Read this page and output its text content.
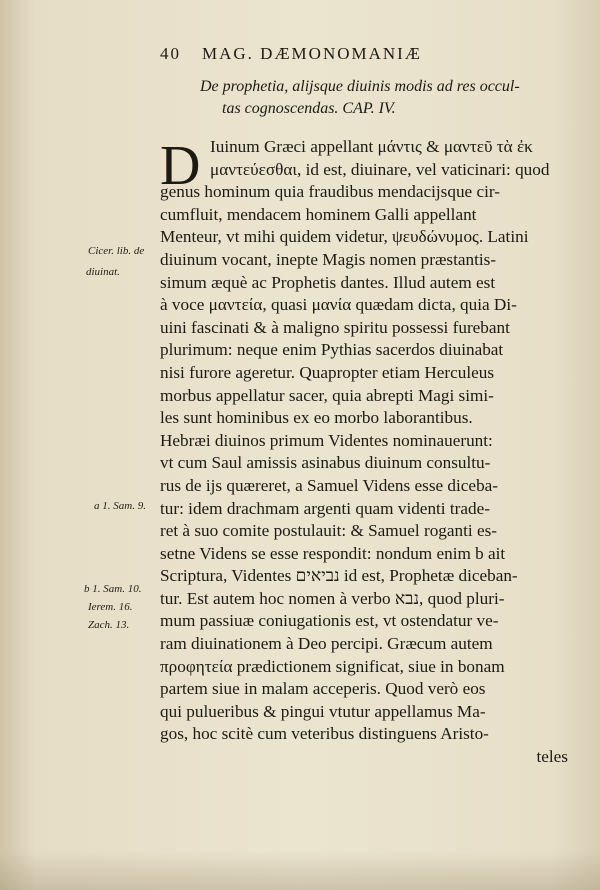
40 MAG. DÆMONOMANIÆ
De prophetia, alijsque diuinis modis ad res occul-
tas cognoscendas. CAP. IV.
D Iuinum Græci appellant μάντις & μαντεῦ τὰ ἐκ
μαντεύεσθαι, id est, diuinare, vel vaticinari: quod
genus hominum quia fraudibus mendacijsque cir-
cumfluit, mendacem hominem Galli appellant
Menteur, vt mihi quidem videtur, ψευδώνυμος. Latini
diuinum vocant, inepte Magis nomen præstantis-
simum æquè ac Prophetis dantes. Illud autem est
à voce μαντεία, quasi μανία quædam dicta, quia Di-
uini fascinati & à maligno spiritu possessi furebant
plurimum: neque enim Pythias sacerdos diuinabat
nisi furore ageretur. Quapropter etiam Herculeus
morbus appellatur sacer, quia abrepti Magi simi-
les sunt hominibus ex eo morbo laborantibus.
Hebræi diuinos primum Videntes nominauerunt:
vt cum Saul amissis asinabus diuinum consultu-
rus de ijs quæreret, a Samuel Videns esse diceba-
tur: idem drachmam argenti quam videnti trade-
ret à suo comite postulauit: & Samuel roganti es-
setne Videns se esse respondit: nondum enim b ait
Scriptura, Videntes נביאים id est, Prophetæ diceban-
tur. Est autem hoc nomen à verbo נבא, quod pluri-
mum passiuæ coniugationis est, vt ostendatur ve-
ram diuinationem à Deo percipi. Græcum autem
προφητεία prædictionem significat, siue in bonam
partem siue in malam acceperis. Quod verò eos
qui pulueribus & pingui vtutur appellamus Ma-
gos, hoc scitè cum veteribus distinguens Aristo-
teles
Cicer. lib. de
diuinat.
a 1. Sam. 9.
b 1. Sam. 10.
Ierem. 16.
Zach. 13.
